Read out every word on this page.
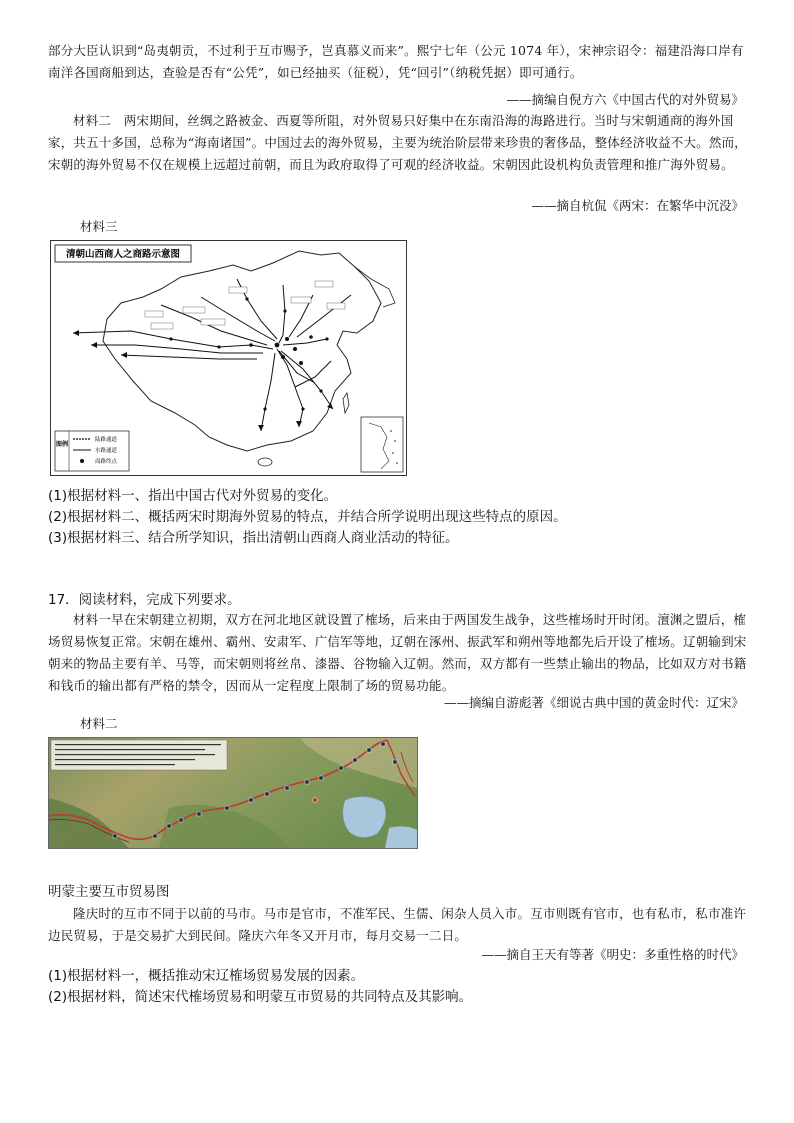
部分大臣认识到“岛夷朝贡，不过利于互市赐予，岂真慕义而来”。熙宁七年（公元 1074 年），宋神宗诏令：福建沿海口岸有南洋各国商船到达，查验是否有“公凭”，如已经抽买（征税），凭“回引”（纳税凭据）即可通行。
——摘编自倪方六《中国古代的对外贸易》
材料二　两宋期间，丝绸之路被金、西夏等所阻，对外贸易只好集中在东南沿海的海路进行。当时与宋朝通商的海外国家，共五十多国，总称为“海南诸国”。中国过去的海外贸易，主要为统治阶层带来珍贵的奢侈品，整体经济收益不大。然而，宋朝的海外贸易不仅在规模上远超过前朝，而且为政府取得了可观的经济收益。宋朝因此设机构负责管理和推广海外贸易。
——摘自杭侃《两宋：在繁华中沉没》
材料三
清朝山西商人之商路示意图
图例
陆路通道
水路通道
商路终点
(1)根据材料一、指出中国古代对外贸易的变化。
(2)根据材料二、概括两宋时期海外贸易的特点，并结合所学说明出现这些特点的原因。
(3)根据材料三、结合所学知识，指出清朝山西商人商业活动的特征。
17．阅读材料，完成下列要求。
材料一早在宋朝建立初期，双方在河北地区就设置了榷场，后来由于两国发生战争，这些榷场时开时闭。澶渊之盟后，榷场贸易恢复正常。宋朝在雄州、霸州、安肃军、广信军等地，辽朝在涿州、振武军和朔州等地都先后开设了榷场。辽朝输到宋朝来的物品主要有羊、马等，而宋朝则将丝帛、漆器、谷物输入辽朝。然而，双方都有一些禁止输出的物品，比如双方对书籍和钱币的输出都有严格的禁令，因而从一定程度上限制了场的贸易功能。
——摘编自游彪著《细说古典中国的黄金时代：辽宋》
材料二
明蒙主要互市贸易图
隆庆时的互市不同于以前的马市。马市是官市，不准军民、生儒、闲杂人员入市。互市则既有官市，也有私市，私市准许边民贸易，于是交易扩大到民间。隆庆六年冬又开月市，每月交易一二日。
——摘自王天有等著《明史：多重性格的时代》
(1)根据材料一，概括推动宋辽榷场贸易发展的因素。
(2)根据材料，简述宋代榷场贸易和明蒙互市贸易的共同特点及其影响。
